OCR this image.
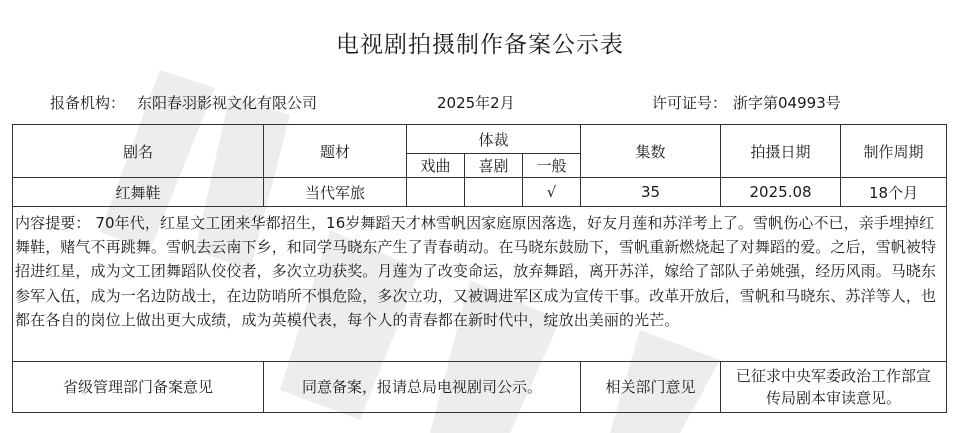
电视剧拍摄制作备案公示表
报备机构： 东阳春羽影视文化有限公司	2025年2月	许可证号： 浙字第04993号
剧名	题材	体裁			集数	拍摄日期	制作周期
		戏曲	喜剧	一般			
红舞鞋	当代军旅			√	35	2025.08	18个月
内容提要： 70年代，红星文工团来华都招生，16岁舞蹈天才林雪帆因家庭原因落选，好友月莲和苏洋考上了。雪帆伤心不已，亲手埋掉红舞鞋，赌气不再跳舞。雪帆去云南下乡，和同学马晓东产生了青春萌动。在马晓东鼓励下，雪帆重新燃烧起了对舞蹈的爱。之后，雪帆被特招进红星，成为文工团舞蹈队佼佼者，多次立功获奖。月莲为了改变命运，放弃舞蹈，离开苏洋，嫁给了部队子弟姚强，经历风雨。马晓东参军入伍，成为一名边防战士，在边防哨所不惧危险，多次立功，又被调进军区成为宣传干事。改革开放后，雪帆和马晓东、苏洋等人，也都在各自的岗位上做出更大成绩，成为英模代表，每个人的青春都在新时代中，绽放出美丽的光芒。							
省级管理部门备案意见	同意备案，报请总局电视剧司公示。				相关部门意见	已征求中央军委政治工作部宣传局剧本审读意见。	
